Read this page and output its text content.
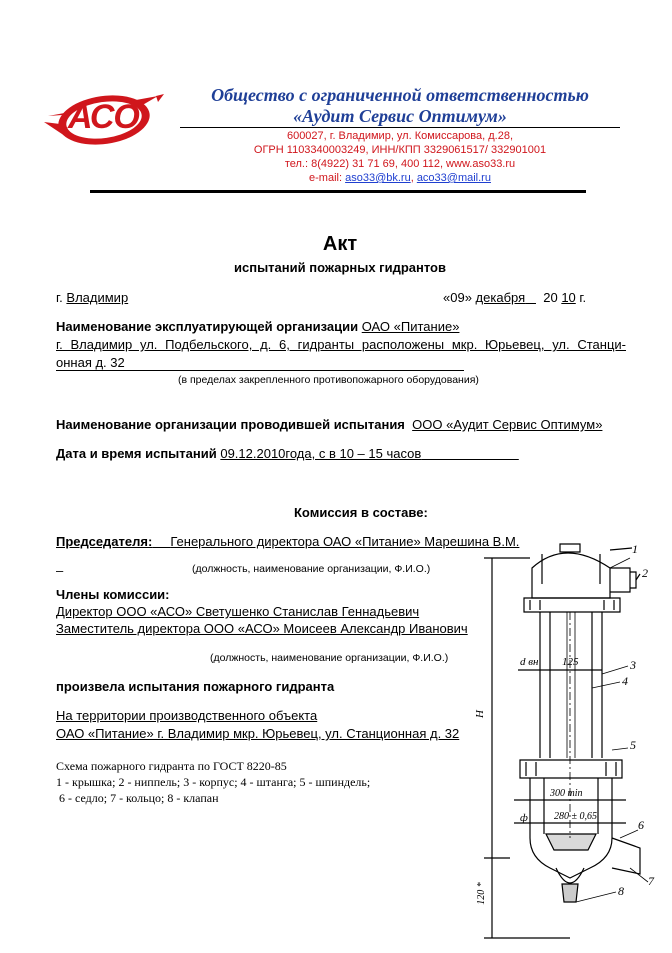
АСО
Общество с ограниченной ответственностью
«Аудит Сервис Оптимум»
600027, г. Владимир, ул. Комиссарова, д.28,
ОГРН 1103340003249, ИНН/КПП 3329061517/ 332901001
тел.: 8(4922) 31 71 69, 400 112, www.aso33.ru
e-mail: aso33@bk.ru, aco33@mail.ru
Акт
испытаний пожарных гидрантов
г. Владимир	«09» декабря 20 10 г.
Наименование эксплуатирующей организации ОАО «Питание»
г. Владимир ул. Подбельского, д. 6, гидранты расположены мкр. Юрьевец, ул. Станци-
онная д. 32
(в пределах закрепленного противопожарного оборудования)
Наименование организации проводившей испытания ООО «Аудит Сервис Оптимум»
Дата и время испытаний 09.12.2010года, с в 10 – 15 часов
Комиссия в составе:
Председателя: Генерального директора ОАО «Питание» Марешина В.М.
–	(должность, наименование организации, Ф.И.О.)
Члены комиссии:
Директор ООО «АСО» Светушенко Станислав Геннадьевич
Заместитель директора ООО «АСО» Моисеев Александр Иванович
(должность, наименование организации, Ф.И.О.)
произвела испытания пожарного гидранта
На территории производственного объекта
ОАО «Питание» г. Владимир мкр. Юрьевец, ул. Станционная д. 32
Схема пожарного гидранта по ГОСТ 8220-85
1 - крышка; 2 - ниппель; 3 - корпус; 4 - штанга; 5 - шпиндель;
6 - седло; 7 - кольцо; 8 - клапан
1
2
3
4
5
6
7
8
d вн 125
300 min
ф	280 ± 0,65
H
120 *
